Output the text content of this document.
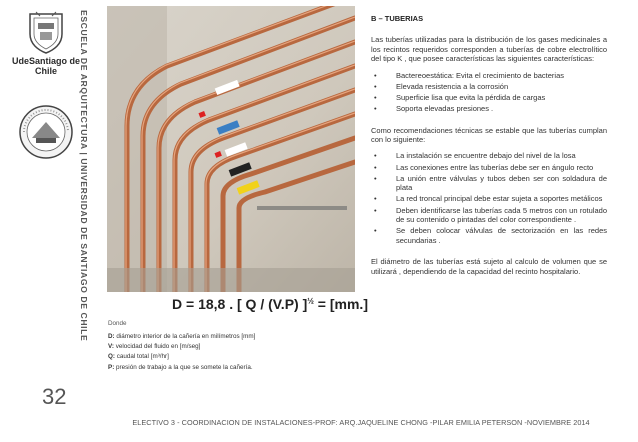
UdeSantiago de Chile	ESCUELA DE ARQUITECTURA | UNIVERSIDAD DE SANTIAGO DE CHILE
32
D = 18,8 . [ Q / (V.P) ]$^{\frac{1}{2}}$ = [mm.]
Donde
D: diámetro interior de la cañería en milímetros [mm]
V: velocidad del fluido en [m/seg]
Q: caudal total [m³/hr]
P: presión de trabajo a la que se somete la cañería.
B – TUBERIAS

Las tuberías utilizadas para la distribución de los gases medicinales a los recintos requeridos corresponden a tuberías de cobre electrolítico del tipo K , que posee características las siguientes características:

• Bactereoestática: Evita el crecimiento de bacterias
• Elevada resistencia a la corrosión
• Superficie lisa que evita la pérdida de cargas
• Soporta elevadas presiones .

Como recomendaciones técnicas se estable que las tuberías cumplan con lo siguiente:

• La instalación se encuentre debajo del nivel de la losa
• Las conexiones entre las tuberías debe ser en ángulo recto
• La unión entre válvulas y tubos deben ser con soldadura de plata
• La red troncal principal debe estar sujeta a soportes metálicos
• Deben identificarse las tuberías cada 5 metros con un rotulado de su contenido o pintadas del color correspondiente .
• Se deben colocar válvulas de sectorización en las redes secundarias .

El diámetro de las tuberías está sujeto al calculo de volumen que se utilizará , dependiendo de la capacidad del recinto hospitalario.

ELECTIVO 3 - COORDINACION DE INSTALACIONES-PROF: ARQ.JAQUELINE CHONG -PILAR EMILIA PETERSON -NOVIEMBRE 2014
